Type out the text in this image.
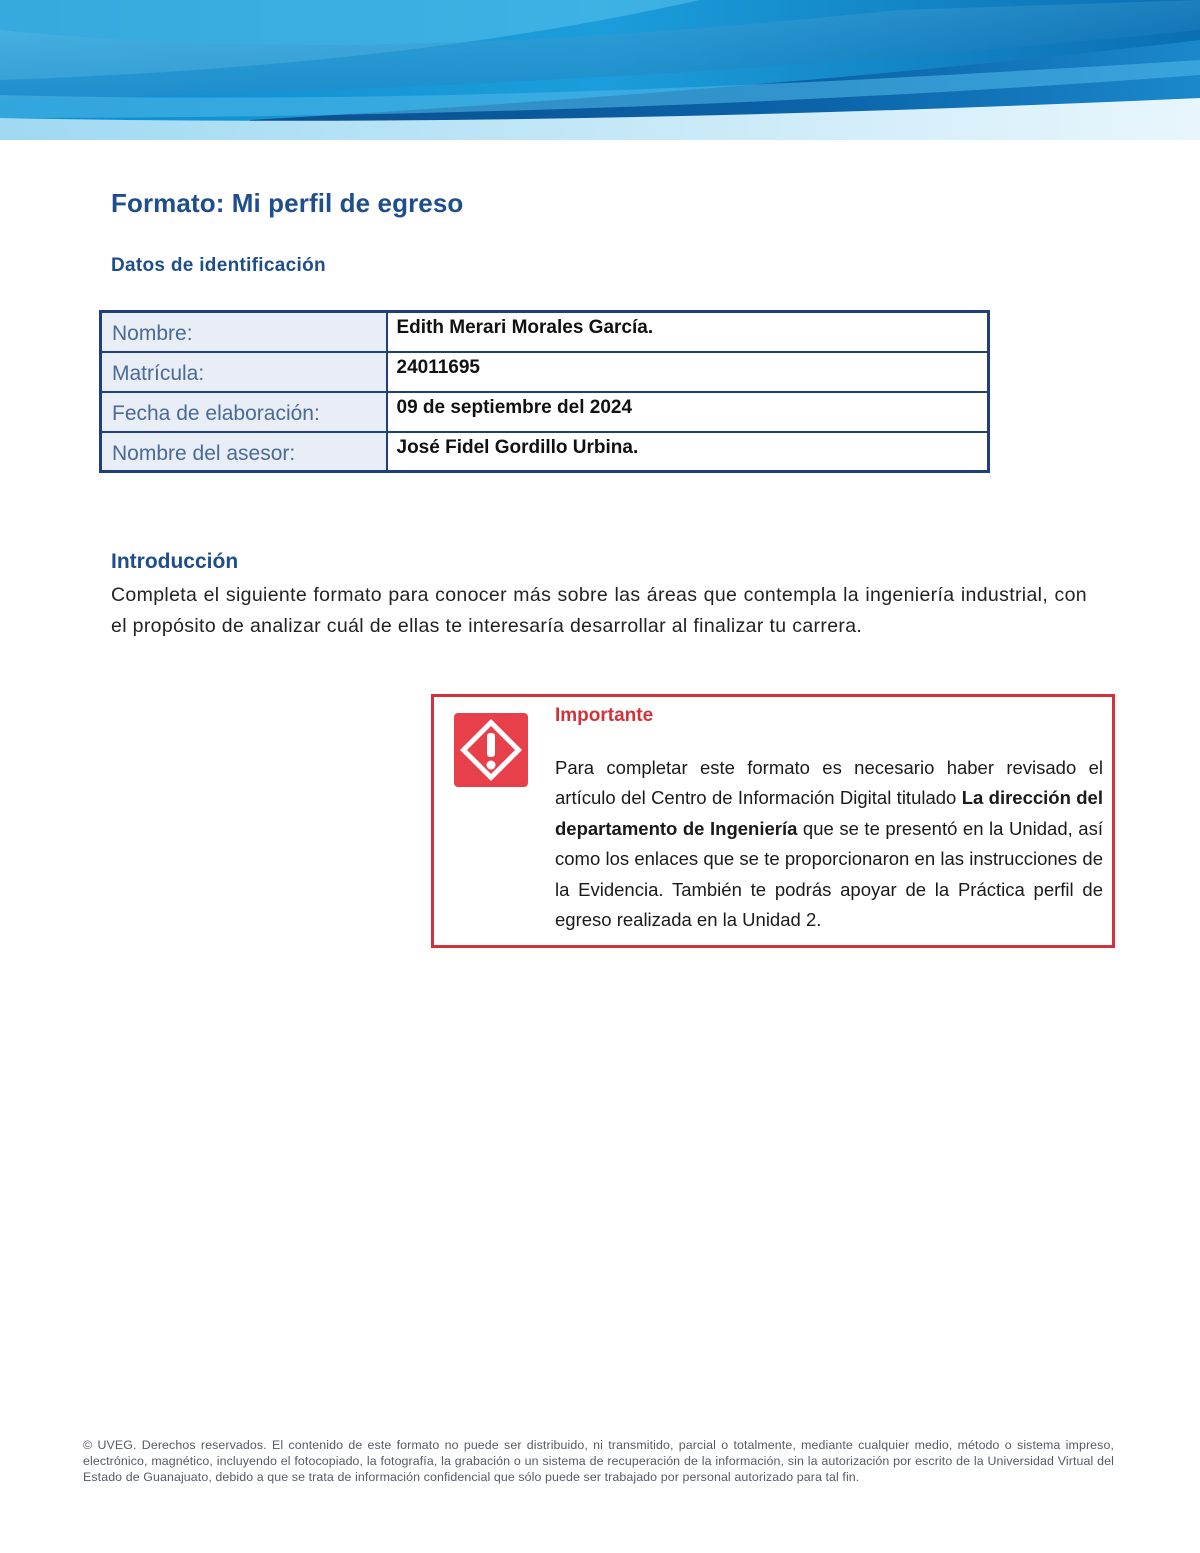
Formato: Mi perfil de egreso
Datos de identificación
Nombre:	Edith Merari Morales García.
Matrícula:	24011695
Fecha de elaboración:	09 de septiembre del 2024
Nombre del asesor:	José Fidel Gordillo Urbina.
Introducción

Completa el siguiente formato para conocer más sobre las áreas que contempla la ingeniería industrial, con el propósito de analizar cuál de ellas te interesaría desarrollar al finalizar tu carrera.

Importante

Para completar este formato es necesario haber revisado el artículo del Centro de Información Digital titulado La dirección del departamento de Ingeniería que se te presentó en la Unidad, así como los enlaces que se te proporcionaron en las instrucciones de la Evidencia. También te podrás apoyar de la Práctica perfil de egreso realizada en la Unidad 2.

© UVEG. Derechos reservados. El contenido de este formato no puede ser distribuido, ni transmitido, parcial o totalmente, mediante cualquier medio, método o sistema impreso, electrónico, magnético, incluyendo el fotocopiado, la fotografía, la grabación o un sistema de recuperación de la información, sin la autorización por escrito de la Universidad Virtual del Estado de Guanajuato, debido a que se trata de información confidencial que sólo puede ser trabajado por personal autorizado para tal fin.
